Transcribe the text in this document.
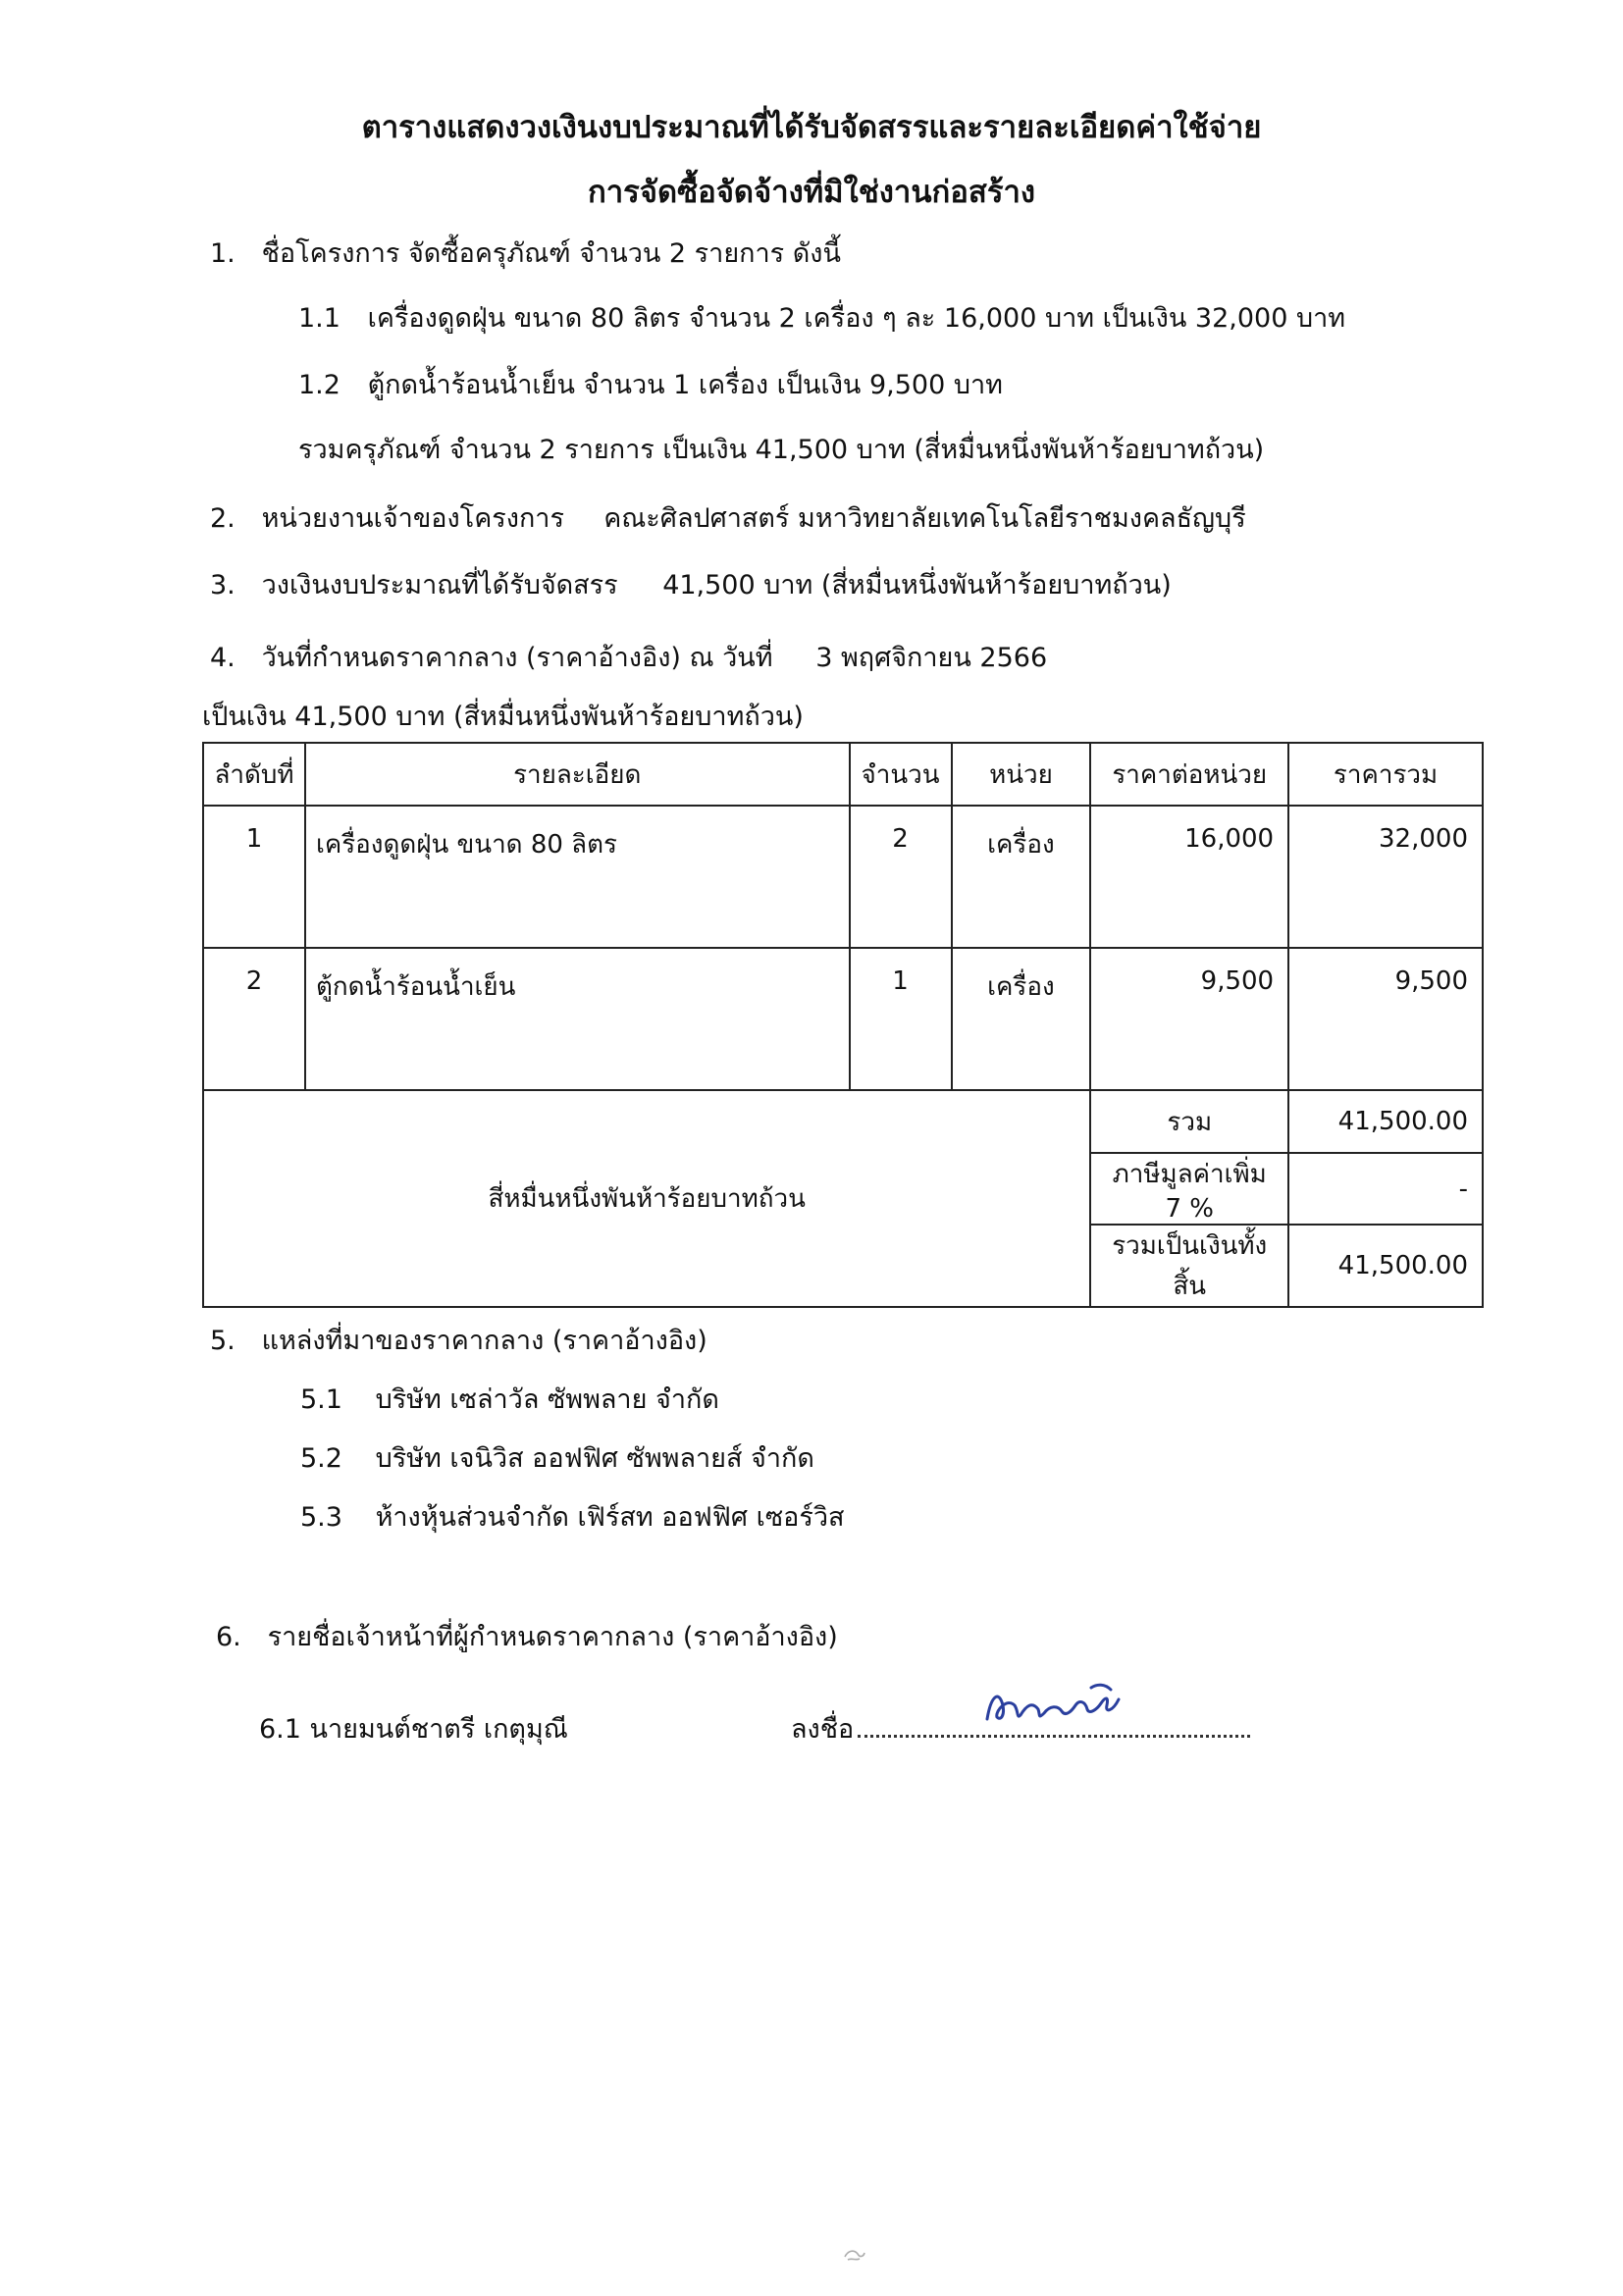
ตารางแสดงวงเงินงบประมาณที่ได้รับจัดสรรและรายละเอียดค่าใช้จ่าย
การจัดซื้อจัดจ้างที่มิใช่งานก่อสร้าง
1. ชื่อโครงการ จัดซื้อครุภัณฑ์ จำนวน 2 รายการ ดังนี้
1.1 เครื่องดูดฝุ่น ขนาด 80 ลิตร จำนวน 2 เครื่อง ๆ ละ 16,000 บาท เป็นเงิน 32,000 บาท
1.2 ตู้กดน้ำร้อนน้ำเย็น จำนวน 1 เครื่อง เป็นเงิน 9,500 บาท
รวมครุภัณฑ์ จำนวน 2 รายการ เป็นเงิน 41,500 บาท (สี่หมื่นหนึ่งพันห้าร้อยบาทถ้วน)
2. หน่วยงานเจ้าของโครงการ คณะศิลปศาสตร์ มหาวิทยาลัยเทคโนโลยีราชมงคลธัญบุรี
3. วงเงินงบประมาณที่ได้รับจัดสรร 41,500 บาท (สี่หมื่นหนึ่งพันห้าร้อยบาทถ้วน)
4. วันที่กำหนดราคากลาง (ราคาอ้างอิง) ณ วันที่ 3 พฤศจิกายน 2566
เป็นเงิน 41,500 บาท (สี่หมื่นหนึ่งพันห้าร้อยบาทถ้วน)
ลำดับที่	รายละเอียด	จำนวน	หน่วย	ราคาต่อหน่วย	ราคารวม
1	เครื่องดูดฝุ่น ขนาด 80 ลิตร	2	เครื่อง	16,000	32,000
2	ตู้กดน้ำร้อนน้ำเย็น	1	เครื่อง	9,500	9,500
สี่หมื่นหนึ่งพันห้าร้อยบาทถ้วน				รวม	41,500.00
				ภาษีมูลค่าเพิ่ม 7 %	-
				รวมเป็นเงินทั้งสิ้น	41,500.00
5. แหล่งที่มาของราคากลาง (ราคาอ้างอิง)
5.1 บริษัท เซล่าวัล ซัพพลาย จำกัด
5.2 บริษัท เจนิวิส ออฟฟิศ ซัพพลายส์ จำกัด
5.3 ห้างหุ้นส่วนจำกัด เฟิร์สท ออฟฟิศ เซอร์วิส
6. รายชื่อเจ้าหน้าที่ผู้กำหนดราคากลาง (ราคาอ้างอิง)
6.1 นายมนต์ชาตรี เกตุมุณี	ลงชื่อ
